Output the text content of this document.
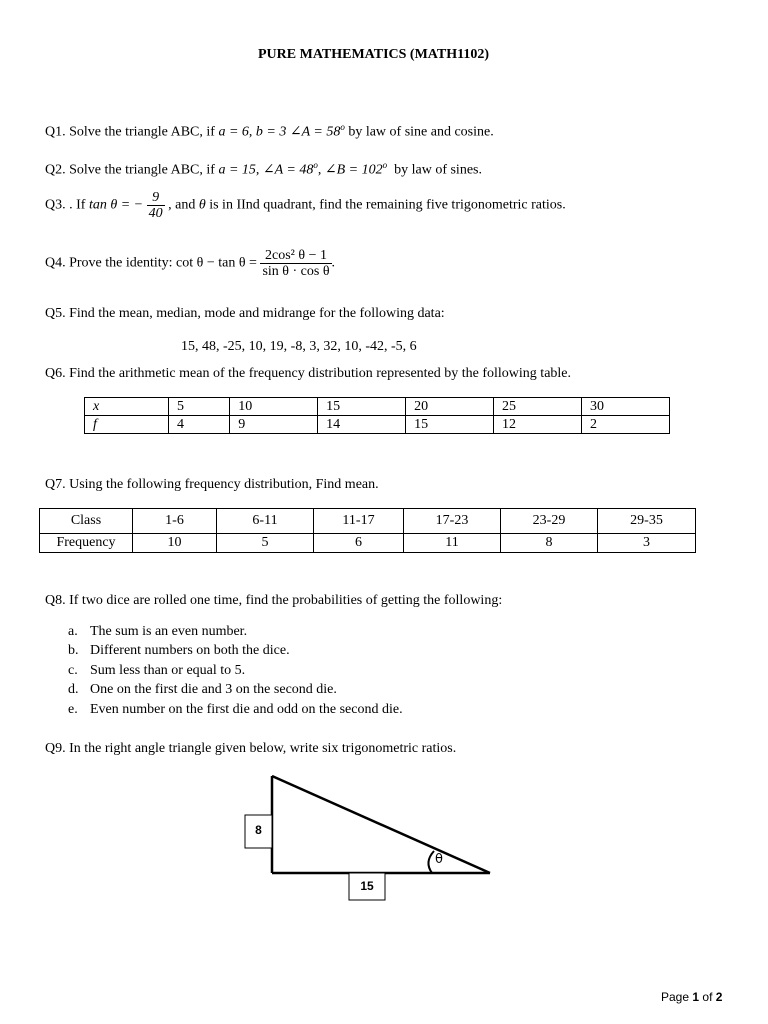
PURE MATHEMATICS (MATH1102)
Q1. Solve the triangle ABC, if a = 6, b = 3 ∠A = $58^o$ by law of sine and cosine.
Q2. Solve the triangle ABC, if a = 15, ∠A = $48^o$, ∠B = $102^o$ by law of sines.
Q3. . If tan θ = − $\frac{9}{40}$ , and θ is in IInd quadrant, find the remaining five trigonometric ratios.
Q4. Prove the identity: $\cot \theta - \tan \theta = \frac{\text{2cos² θ − 1}}{\text{sin θ · cos θ}}$ .
Q5. Find the mean, median, mode and midrange for the following data:
15, 48, -25, 10, 19, -8, 3, 32, 10, -42, -5, 6
Q6. Find the arithmetic mean of the frequency distribution represented by the following table.
x	5	10	15	20	25	30
f	4	9	14	15	12	2
Q7. Using the following frequency distribution, Find mean.
Class	1-6	6-11	11-17	17-23	23-29	29-35
Frequency	10	5	6	11	8	3
Q8. If two dice are rolled one time, find the probabilities of getting the following:
a. The sum is an even number.
b. Different numbers on both the dice.
c. Sum less than or equal to 5.
d. One on the first die and 3 on the second die.
e. Even number on the first die and odd on the second die.
Q9. In the right angle triangle given below, write six trigonometric ratios.
8
15
θ
Page 1 of 2
